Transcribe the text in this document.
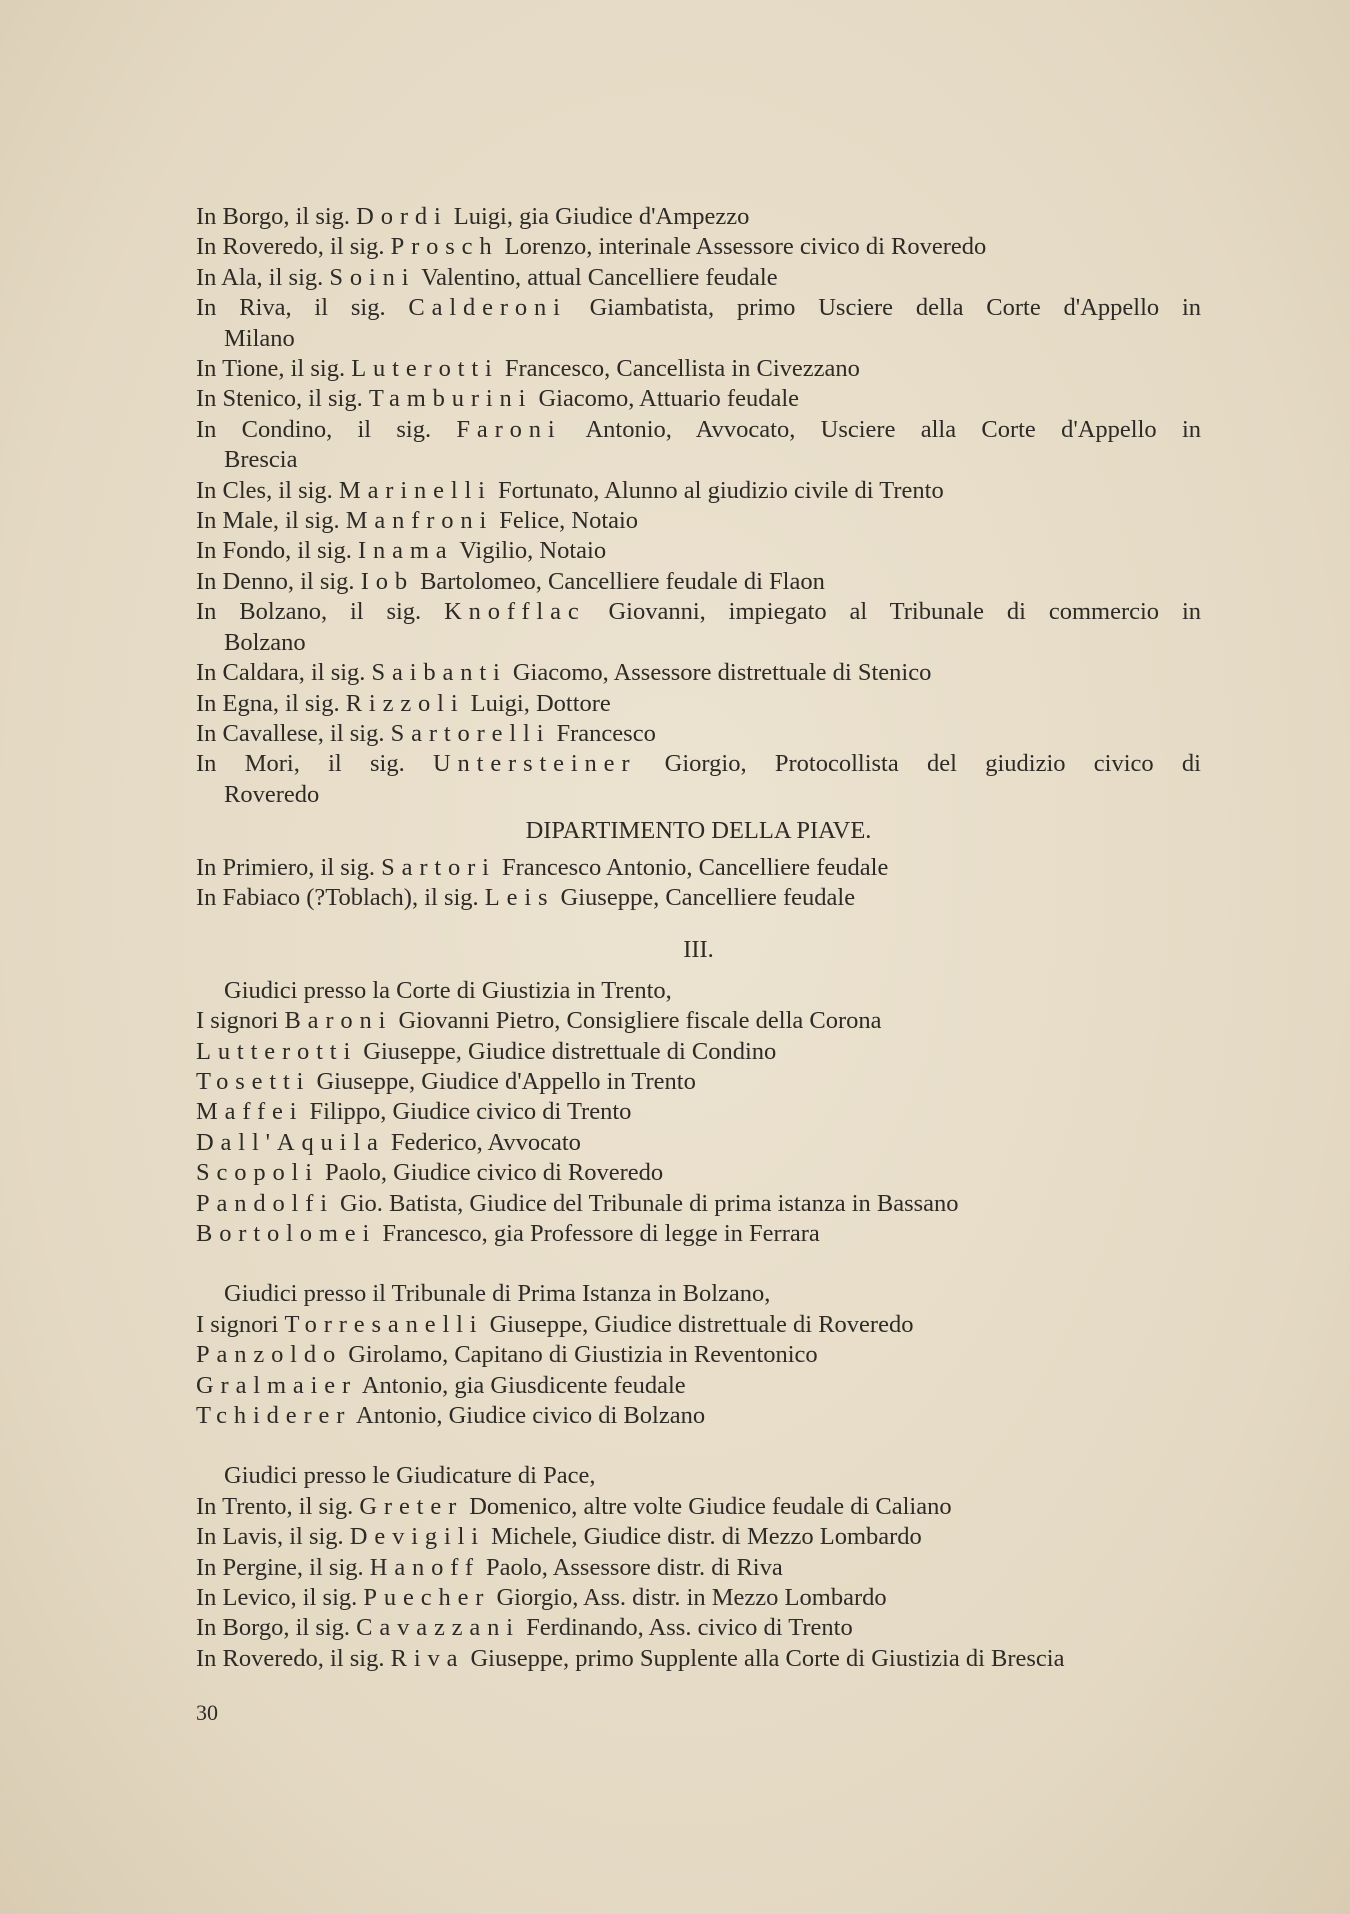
In Borgo, il sig. Dordi Luigi, gia Giudice d'Ampezzo
In Roveredo, il sig. Prosch Lorenzo, interinale Assessore civico di Roveredo
In Ala, il sig. Soini Valentino, attual Cancelliere feudale
In Riva, il sig. Calderoni Giambatista, primo Usciere della Corte d'Appello in
Milano
In Tione, il sig. Luterotti Francesco, Cancellista in Civezzano
In Stenico, il sig. Tamburini Giacomo, Attuario feudale
In Condino, il sig. Faroni Antonio, Avvocato, Usciere alla Corte d'Appello in
Brescia
In Cles, il sig. Marinelli Fortunato, Alunno al giudizio civile di Trento
In Male, il sig. Manfroni Felice, Notaio
In Fondo, il sig. Inama Vigilio, Notaio
In Denno, il sig. Iob Bartolomeo, Cancelliere feudale di Flaon
In Bolzano, il sig. Knofflac Giovanni, impiegato al Tribunale di commercio in
Bolzano
In Caldara, il sig. Saibanti Giacomo, Assessore distrettuale di Stenico
In Egna, il sig. Rizzoli Luigi, Dottore
In Cavallese, il sig. Sartorelli Francesco
In Mori, il sig. Untersteiner Giorgio, Protocollista del giudizio civico di
Roveredo
DIPARTIMENTO DELLA PIAVE.
In Primiero, il sig. Sartori Francesco Antonio, Cancelliere feudale
In Fabiaco (?Toblach), il sig. Leis Giuseppe, Cancelliere feudale
III.
Giudici presso la Corte di Giustizia in Trento,
I signori Baroni Giovanni Pietro, Consigliere fiscale della Corona
Lutterotti Giuseppe, Giudice distrettuale di Condino
Tosetti Giuseppe, Giudice d'Appello in Trento
Maffei Filippo, Giudice civico di Trento
Dall'Aquila Federico, Avvocato
Scopoli Paolo, Giudice civico di Roveredo
Pandolfi Gio. Batista, Giudice del Tribunale di prima istanza in Bassano
Bortolomei Francesco, gia Professore di legge in Ferrara
Giudici presso il Tribunale di Prima Istanza in Bolzano,
I signori Torresanelli Giuseppe, Giudice distrettuale di Roveredo
Panzoldo Girolamo, Capitano di Giustizia in Reventonico
Gralmaier Antonio, gia Giusdicente feudale
Tchiderer Antonio, Giudice civico di Bolzano
Giudici presso le Giudicature di Pace,
In Trento, il sig. Greter Domenico, altre volte Giudice feudale di Caliano
In Lavis, il sig. Devigili Michele, Giudice distr. di Mezzo Lombardo
In Pergine, il sig. Hanoff Paolo, Assessore distr. di Riva
In Levico, il sig. Puecher Giorgio, Ass. distr. in Mezzo Lombardo
In Borgo, il sig. Cavazzani Ferdinando, Ass. civico di Trento
In Roveredo, il sig. Riva Giuseppe, primo Supplente alla Corte di Giustizia di Brescia
30
